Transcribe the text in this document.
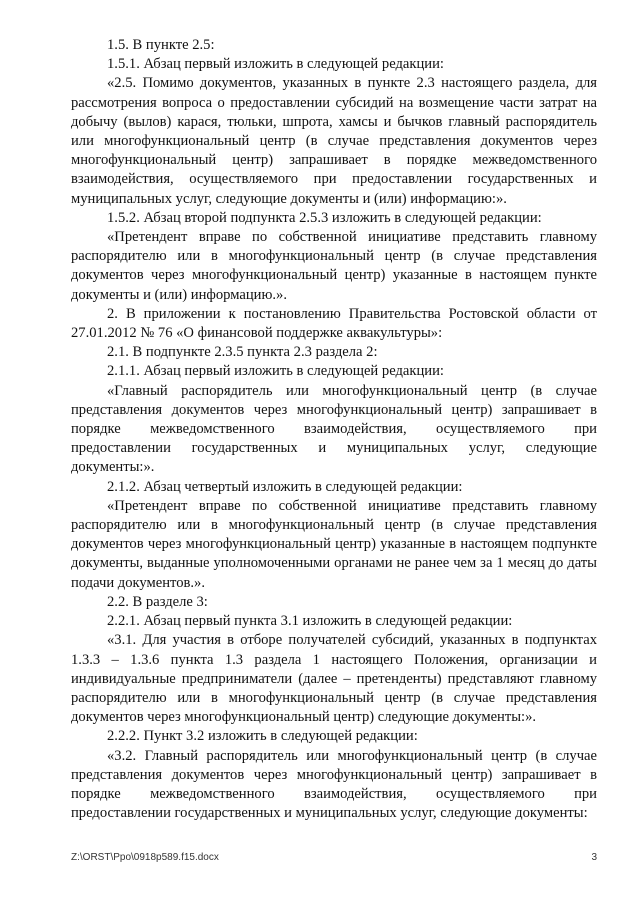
1.5. В пункте 2.5:

1.5.1. Абзац первый изложить в следующей редакции:

«2.5. Помимо документов, указанных в пункте 2.3 настоящего раздела, для рассмотрения вопроса о предоставлении субсидий на возмещение части затрат на добычу (вылов) карася, тюльки, шпрота, хамсы и бычков главный распорядитель или многофункциональный центр (в случае представления документов через многофункциональный центр) запрашивает в порядке межведомственного взаимодействия, осуществляемого при предоставлении государственных и муниципальных услуг, следующие документы и (или) информацию:».

1.5.2. Абзац второй подпункта 2.5.3 изложить в следующей редакции:

«Претендент вправе по собственной инициативе представить главному распорядителю или в многофункциональный центр (в случае представления документов через многофункциональный центр) указанные в настоящем пункте документы и (или) информацию.».

2. В приложении к постановлению Правительства Ростовской области от 27.01.2012 № 76 «О финансовой поддержке аквакультуры»:

2.1. В подпункте 2.3.5 пункта 2.3 раздела 2:

2.1.1. Абзац первый изложить в следующей редакции:

«Главный распорядитель или многофункциональный центр (в случае представления документов через многофункциональный центр) запрашивает в порядке межведомственного взаимодействия, осуществляемого при предоставлении государственных и муниципальных услуг, следующие документы:».

2.1.2. Абзац четвертый изложить в следующей редакции:

«Претендент вправе по собственной инициативе представить главному распорядителю или в многофункциональный центр (в случае представления документов через многофункциональный центр) указанные в настоящем подпункте документы, выданные уполномоченными органами не ранее чем за 1 месяц до даты подачи документов.».

2.2. В разделе 3:

2.2.1. Абзац первый пункта 3.1 изложить в следующей редакции:

«3.1. Для участия в отборе получателей субсидий, указанных в подпунктах 1.3.3 – 1.3.6 пункта 1.3 раздела 1 настоящего Положения, организации и индивидуальные предприниматели (далее – претенденты) представляют главному распорядителю или в многофункциональный центр (в случае представления документов через многофункциональный центр) следующие документы:».

2.2.2. Пункт 3.2 изложить в следующей редакции:

«3.2. Главный распорядитель или многофункциональный центр (в случае представления документов через многофункциональный центр) запрашивает в порядке межведомственного взаимодействия, осуществляемого при предоставлении государственных и муниципальных услуг, следующие документы:

Z:\ORST\Ppo\0918p589.f15.docx	3
